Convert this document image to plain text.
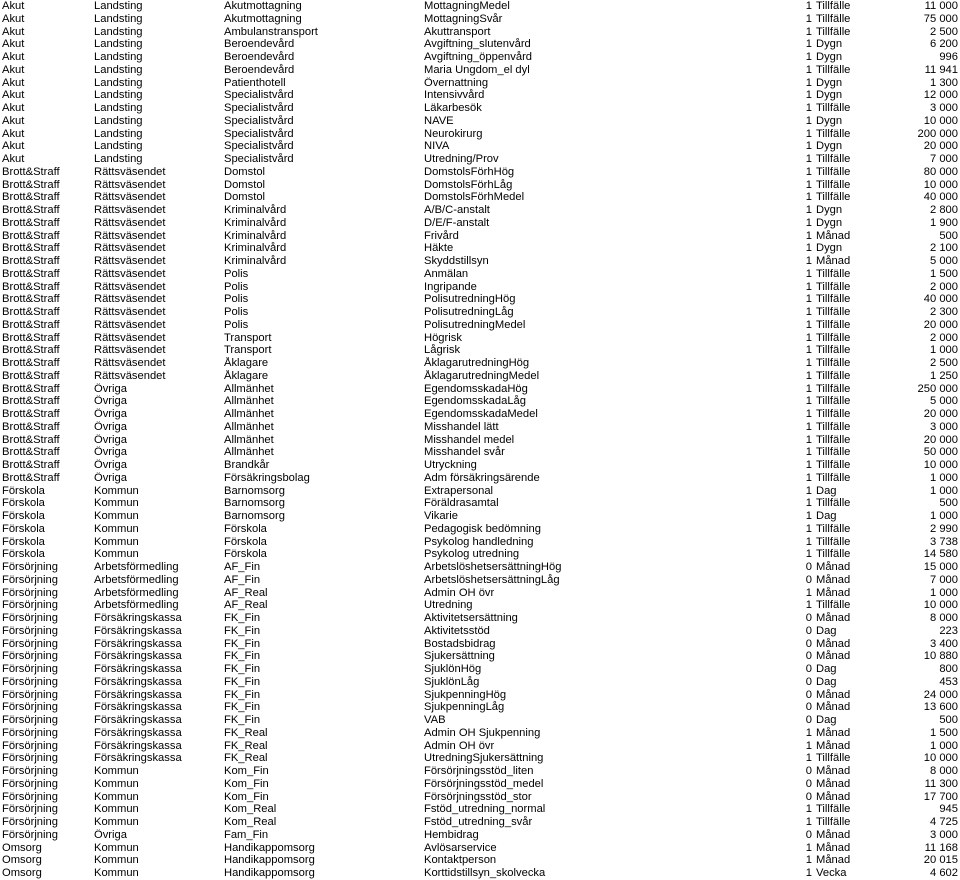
Akut	Landsting	Akutmottagning	MottagningMedel	1	Tillfälle	11 000
Akut	Landsting	Akutmottagning	MottagningSvår	1	Tillfälle	75 000
Akut	Landsting	Ambulanstransport	Akuttransport	1	Tillfälle	2 500
Akut	Landsting	Beroendevård	Avgiftning_slutenvård	1	Dygn	6 200
Akut	Landsting	Beroendevård	Avgiftning_öppenvård	1	Dygn	996
Akut	Landsting	Beroendevård	Maria Ungdom_el dyl	1	Tillfälle	11 941
Akut	Landsting	Patienthotell	Övernattning	1	Dygn	1 300
Akut	Landsting	Specialistvård	Intensivvård	1	Dygn	12 000
Akut	Landsting	Specialistvård	Läkarbesök	1	Tillfälle	3 000
Akut	Landsting	Specialistvård	NAVE	1	Dygn	10 000
Akut	Landsting	Specialistvård	Neurokirurg	1	Tillfälle	200 000
Akut	Landsting	Specialistvård	NIVA	1	Dygn	20 000
Akut	Landsting	Specialistvård	Utredning/Prov	1	Tillfälle	7 000
Brott&Straff	Rättsväsendet	Domstol	DomstolsFörhHög	1	Tillfälle	80 000
Brott&Straff	Rättsväsendet	Domstol	DomstolsFörhLåg	1	Tillfälle	10 000
Brott&Straff	Rättsväsendet	Domstol	DomstolsFörhMedel	1	Tillfälle	40 000
Brott&Straff	Rättsväsendet	Kriminalvård	A/B/C-anstalt	1	Dygn	2 800
Brott&Straff	Rättsväsendet	Kriminalvård	D/E/F-anstalt	1	Dygn	1 900
Brott&Straff	Rättsväsendet	Kriminalvård	Frivård	1	Månad	500
Brott&Straff	Rättsväsendet	Kriminalvård	Häkte	1	Dygn	2 100
Brott&Straff	Rättsväsendet	Kriminalvård	Skyddstillsyn	1	Månad	5 000
Brott&Straff	Rättsväsendet	Polis	Anmälan	1	Tillfälle	1 500
Brott&Straff	Rättsväsendet	Polis	Ingripande	1	Tillfälle	2 000
Brott&Straff	Rättsväsendet	Polis	PolisutredningHög	1	Tillfälle	40 000
Brott&Straff	Rättsväsendet	Polis	PolisutredningLåg	1	Tillfälle	2 300
Brott&Straff	Rättsväsendet	Polis	PolisutredningMedel	1	Tillfälle	20 000
Brott&Straff	Rättsväsendet	Transport	Högrisk	1	Tillfälle	2 000
Brott&Straff	Rättsväsendet	Transport	Lågrisk	1	Tillfälle	1 000
Brott&Straff	Rättsväsendet	Åklagare	ÅklagarutredningHög	1	Tillfälle	2 500
Brott&Straff	Rättsväsendet	Åklagare	ÅklagarutredningMedel	1	Tillfälle	1 250
Brott&Straff	Övriga	Allmänhet	EgendomsskadaHög	1	Tillfälle	250 000
Brott&Straff	Övriga	Allmänhet	EgendomsskadaLåg	1	Tillfälle	5 000
Brott&Straff	Övriga	Allmänhet	EgendomsskadaMedel	1	Tillfälle	20 000
Brott&Straff	Övriga	Allmänhet	Misshandel lätt	1	Tillfälle	3 000
Brott&Straff	Övriga	Allmänhet	Misshandel medel	1	Tillfälle	20 000
Brott&Straff	Övriga	Allmänhet	Misshandel svår	1	Tillfälle	50 000
Brott&Straff	Övriga	Brandkår	Utryckning	1	Tillfälle	10 000
Brott&Straff	Övriga	Försäkringsbolag	Adm försäkringsärende	1	Tillfälle	1 000
Förskola	Kommun	Barnomsorg	Extrapersonal	1	Dag	1 000
Förskola	Kommun	Barnomsorg	Föräldrasamtal	1	Tillfälle	500
Förskola	Kommun	Barnomsorg	Vikarie	1	Dag	1 000
Förskola	Kommun	Förskola	Pedagogisk bedömning	1	Tillfälle	2 990
Förskola	Kommun	Förskola	Psykolog handledning	1	Tillfälle	3 738
Förskola	Kommun	Förskola	Psykolog utredning	1	Tillfälle	14 580
Försörjning	Arbetsförmedling	AF_Fin	ArbetslöshetsersättningHög	0	Månad	15 000
Försörjning	Arbetsförmedling	AF_Fin	ArbetslöshetsersättningLåg	0	Månad	7 000
Försörjning	Arbetsförmedling	AF_Real	Admin OH övr	1	Månad	1 000
Försörjning	Arbetsförmedling	AF_Real	Utredning	1	Tillfälle	10 000
Försörjning	Försäkringskassa	FK_Fin	Aktivitetsersättning	0	Månad	8 000
Försörjning	Försäkringskassa	FK_Fin	Aktivitetsstöd	0	Dag	223
Försörjning	Försäkringskassa	FK_Fin	Bostadsbidrag	0	Månad	3 400
Försörjning	Försäkringskassa	FK_Fin	Sjukersättning	0	Månad	10 880
Försörjning	Försäkringskassa	FK_Fin	SjuklönHög	0	Dag	800
Försörjning	Försäkringskassa	FK_Fin	SjuklönLåg	0	Dag	453
Försörjning	Försäkringskassa	FK_Fin	SjukpenningHög	0	Månad	24 000
Försörjning	Försäkringskassa	FK_Fin	SjukpenningLåg	0	Månad	13 600
Försörjning	Försäkringskassa	FK_Fin	VAB	0	Dag	500
Försörjning	Försäkringskassa	FK_Real	Admin OH Sjukpenning	1	Månad	1 500
Försörjning	Försäkringskassa	FK_Real	Admin OH övr	1	Månad	1 000
Försörjning	Försäkringskassa	FK_Real	UtredningSjukersättning	1	Tillfälle	10 000
Försörjning	Kommun	Kom_Fin	Försörjningsstöd_liten	0	Månad	8 000
Försörjning	Kommun	Kom_Fin	Försörjningsstöd_medel	0	Månad	11 300
Försörjning	Kommun	Kom_Fin	Försörjningsstöd_stor	0	Månad	17 700
Försörjning	Kommun	Kom_Real	Fstöd_utredning_normal	1	Tillfälle	945
Försörjning	Kommun	Kom_Real	Fstöd_utredning_svår	1	Tillfälle	4 725
Försörjning	Övriga	Fam_Fin	Hembidrag	0	Månad	3 000
Omsorg	Kommun	Handikappomsorg	Avlösarservice	1	Månad	11 168
Omsorg	Kommun	Handikappomsorg	Kontaktperson	1	Månad	20 015
Omsorg	Kommun	Handikappomsorg	Korttidstillsyn_skolvecka	1	Vecka	4 602
